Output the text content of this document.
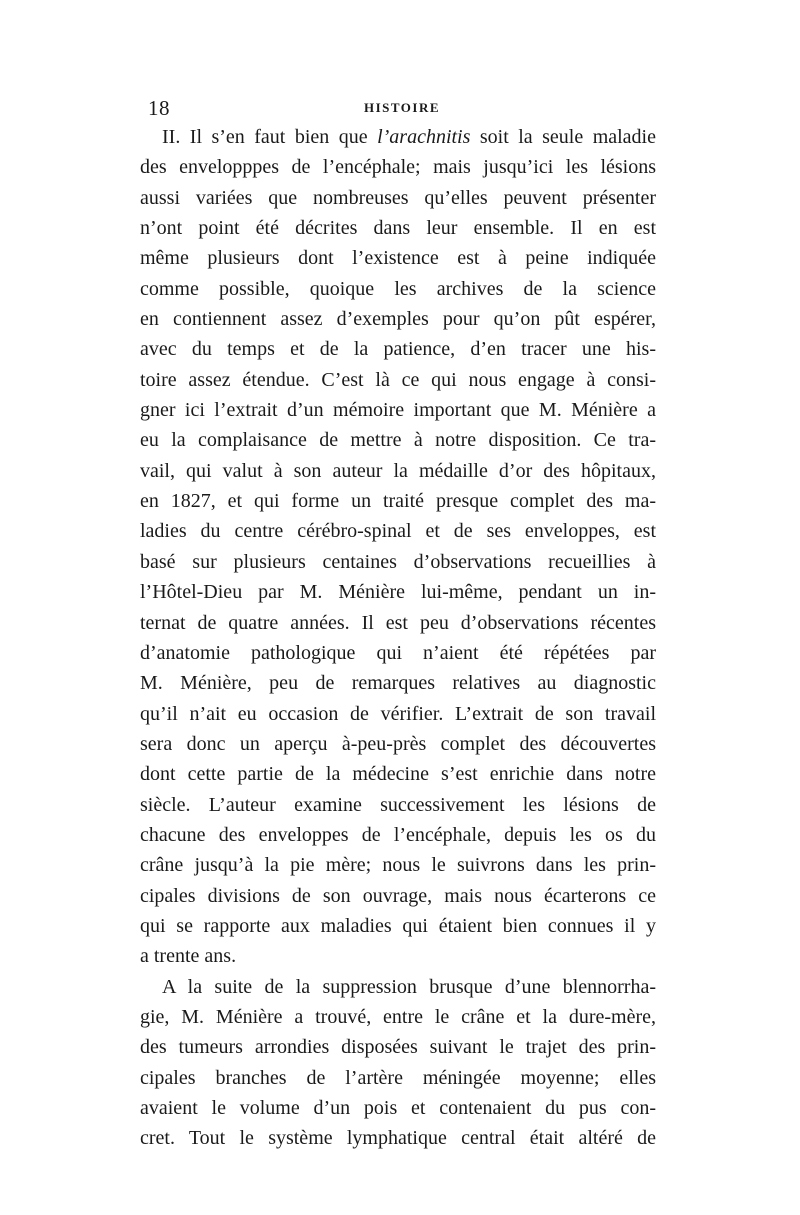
18	HISTOIRE
II. Il s’en faut bien que l’arachnitis soit la seule maladie
des envelopppes de l’encéphale; mais jusqu’ici les lésions
aussi variées que nombreuses qu’elles peuvent présenter
n’ont point été décrites dans leur ensemble. Il en est
même plusieurs dont l’existence est à peine indiquée
comme possible, quoique les archives de la science
en contiennent assez d’exemples pour qu’on pût espérer,
avec du temps et de la patience, d’en tracer une his-
toire assez étendue. C’est là ce qui nous engage à consi-
gner ici l’extrait d’un mémoire important que M. Ménière a
eu la complaisance de mettre à notre disposition. Ce tra-
vail, qui valut à son auteur la médaille d’or des hôpitaux,
en 1827, et qui forme un traité presque complet des ma-
ladies du centre cérébro-spinal et de ses enveloppes, est
basé sur plusieurs centaines d’observations recueillies à
l’Hôtel-Dieu par M. Ménière lui-même, pendant un in-
ternat de quatre années. Il est peu d’observations récentes
d’anatomie pathologique qui n’aient été répétées par
M. Ménière, peu de remarques relatives au diagnostic
qu’il n’ait eu occasion de vérifier. L’extrait de son travail
sera donc un aperçu à-peu-près complet des découvertes
dont cette partie de la médecine s’est enrichie dans notre
siècle. L’auteur examine successivement les lésions de
chacune des enveloppes de l’encéphale, depuis les os du
crâne jusqu’à la pie mère; nous le suivrons dans les prin-
cipales divisions de son ouvrage, mais nous écarterons ce
qui se rapporte aux maladies qui étaient bien connues il y
a trente ans.
A la suite de la suppression brusque d’une blennorrha-
gie, M. Ménière a trouvé, entre le crâne et la dure-mère,
des tumeurs arrondies disposées suivant le trajet des prin-
cipales branches de l’artère méningée moyenne; elles
avaient le volume d’un pois et contenaient du pus con-
cret. Tout le système lymphatique central était altéré de
